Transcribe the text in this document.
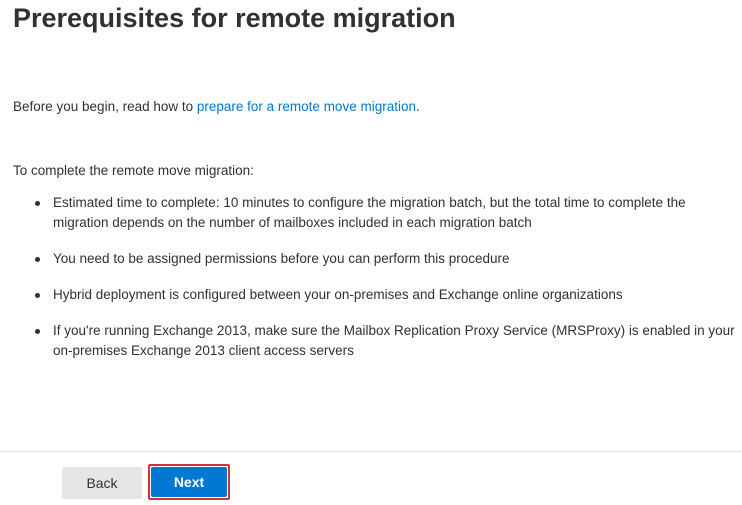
Prerequisites for remote migration

Before you begin, read how to prepare for a remote move migration.

To complete the remote move migration:

Estimated time to complete: 10 minutes to configure the migration batch, but the total time to complete the migration depends on the number of mailboxes included in each migration batch
You need to be assigned permissions before you can perform this procedure
Hybrid deployment is configured between your on-premises and Exchange online organizations
If you're running Exchange 2013, make sure the Mailbox Replication Proxy Service (MRSProxy) is enabled in your on-premises Exchange 2013 client access servers
Back	Next
